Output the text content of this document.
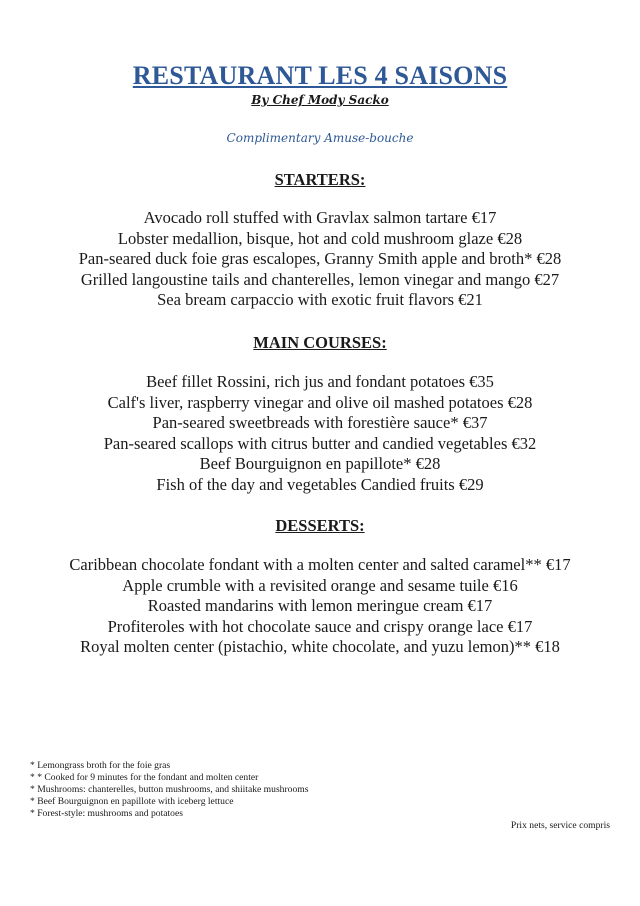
RESTAURANT LES 4 SAISONS
By Chef Mody Sacko
Complimentary Amuse-bouche
STARTERS:
Avocado roll stuffed with Gravlax salmon tartare €17
Lobster medallion, bisque, hot and cold mushroom glaze €28
Pan-seared duck foie gras escalopes, Granny Smith apple and broth* €28
Grilled langoustine tails and chanterelles, lemon vinegar and mango €27
Sea bream carpaccio with exotic fruit flavors €21
MAIN COURSES:
Beef fillet Rossini, rich jus and fondant potatoes €35
Calf's liver, raspberry vinegar and olive oil mashed potatoes €28
Pan-seared sweetbreads with forestière sauce* €37
Pan-seared scallops with citrus butter and candied vegetables €32
Beef Bourguignon en papillote* €28
Fish of the day and vegetables Candied fruits €29
DESSERTS:
Caribbean chocolate fondant with a molten center and salted caramel** €17
Apple crumble with a revisited orange and sesame tuile €16
Roasted mandarins with lemon meringue cream €17
Profiteroles with hot chocolate sauce and crispy orange lace €17
Royal molten center (pistachio, white chocolate, and yuzu lemon)** €18
* Lemongrass broth for the foie gras
* * Cooked for 9 minutes for the fondant and molten center
* Mushrooms: chanterelles, button mushrooms, and shiitake mushrooms
* Beef Bourguignon en papillote with iceberg lettuce
* Forest-style: mushrooms and potatoes
Prix nets, service compris
